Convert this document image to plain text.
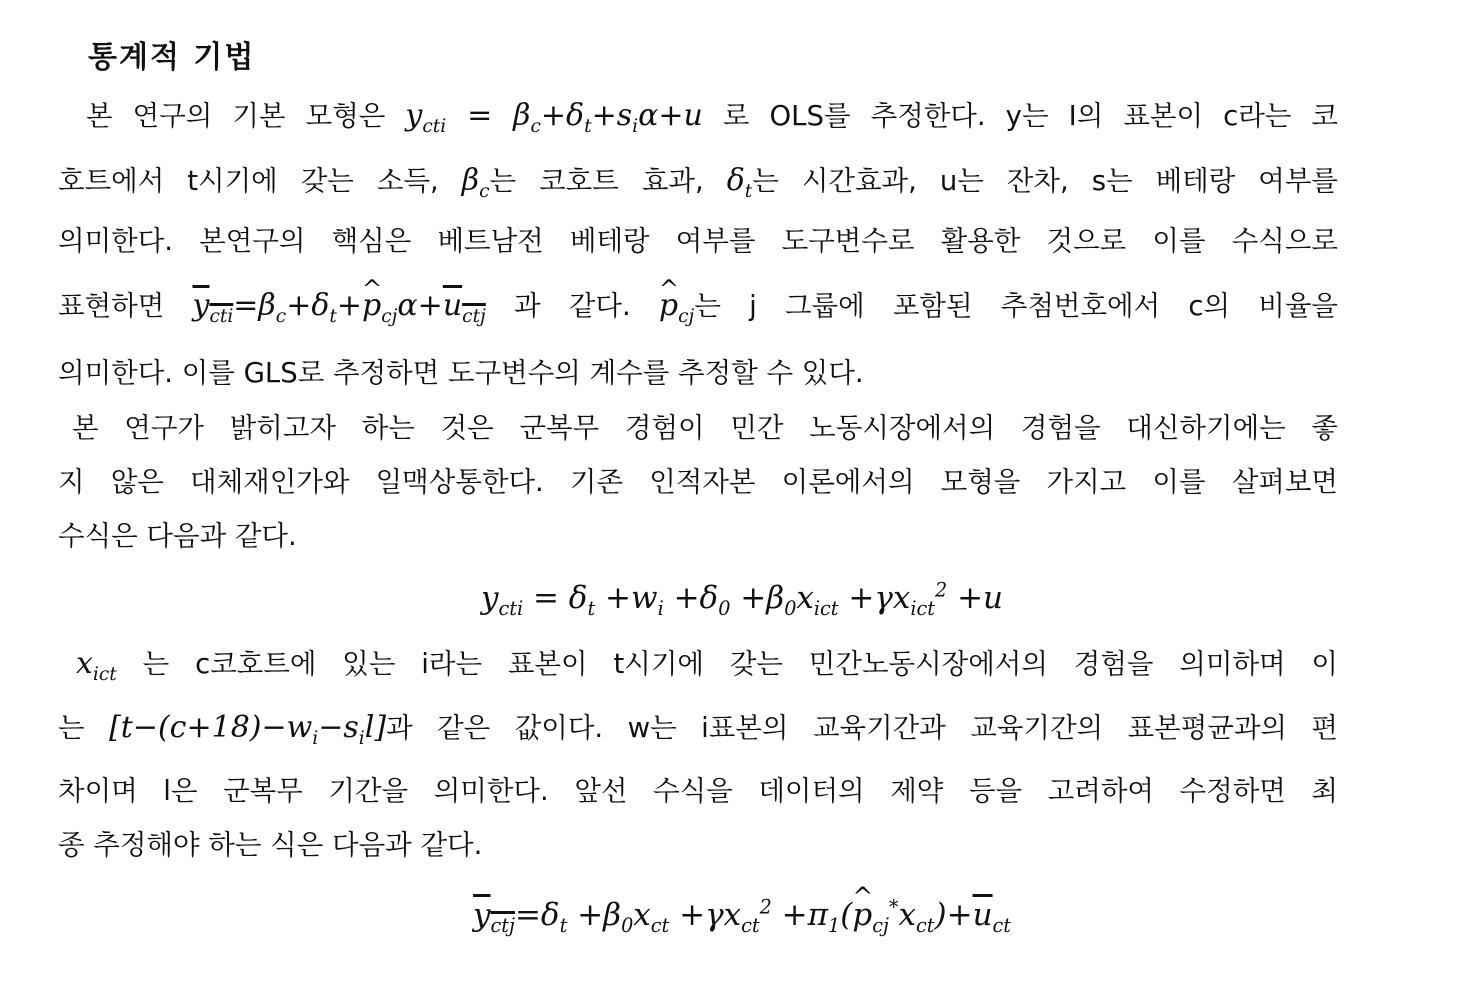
통계적 기법
본 연구의 기본 모형은 $y_{cti} = \beta_c+\delta_t+s_i\alpha+u$ 로 OLS를 추정한다. y는 I의 표본이 c라는 코
호트에서 t시기에 갖는 소득, $\beta_c$는 코호트 효과, $\delta_t$는 시간효과, u는 잔차, s는 베테랑 여부를
의미한다. 본연구의 핵심은 베트남전 베테랑 여부를 도구변수로 활용한 것으로 이를 수식으로
표현하면 $y_{cti}=\beta_c+\delta_t+\^{}$ $p_{cj}\alpha+u_{ctj}$ 과 같다. ^ $p_{cj}$는 j 그룹에 포함된 추첨번호에서 c의 비율을
의미한다. 이를 GLS로 추정하면 도구변수의 계수를 추정할 수 있다.
본 연구가 밝히고자 하는 것은 군복무 경험이 민간 노동시장에서의 경험을 대신하기에는 좋
지 않은 대체재인가와 일맥상통한다. 기존 인적자본 이론에서의 모형을 가지고 이를 살펴보면
수식은 다음과 같다.
$y_{cti} = \delta_t +w_i +\delta_0 +\beta_0x_{ict} +\gamma x_{ict}^2 +u$
$x_{ict}$ 는 c코호트에 있는 i라는 표본이 t시기에 갖는 민간노동시장에서의 경험을 의미하며 이
는 $[t-(c+18)-w_i-s_il]$과 같은 값이다. w는 i표본의 교육기간과 교육기간의 표본평균과의 편
차이며 l은 군복무 기간을 의미한다. 앞선 수식을 데이터의 제약 등을 고려하여 수정하면 최
종 추정해야 하는 식은 다음과 같다.
$y_{ctj}=\delta_t +\beta_0x_{ct} +\gamma x_{ct}^2$ $+\pi_1(\^{}$ $p_{cj}^*x_{ct})+\overline{u}_{ct}$
